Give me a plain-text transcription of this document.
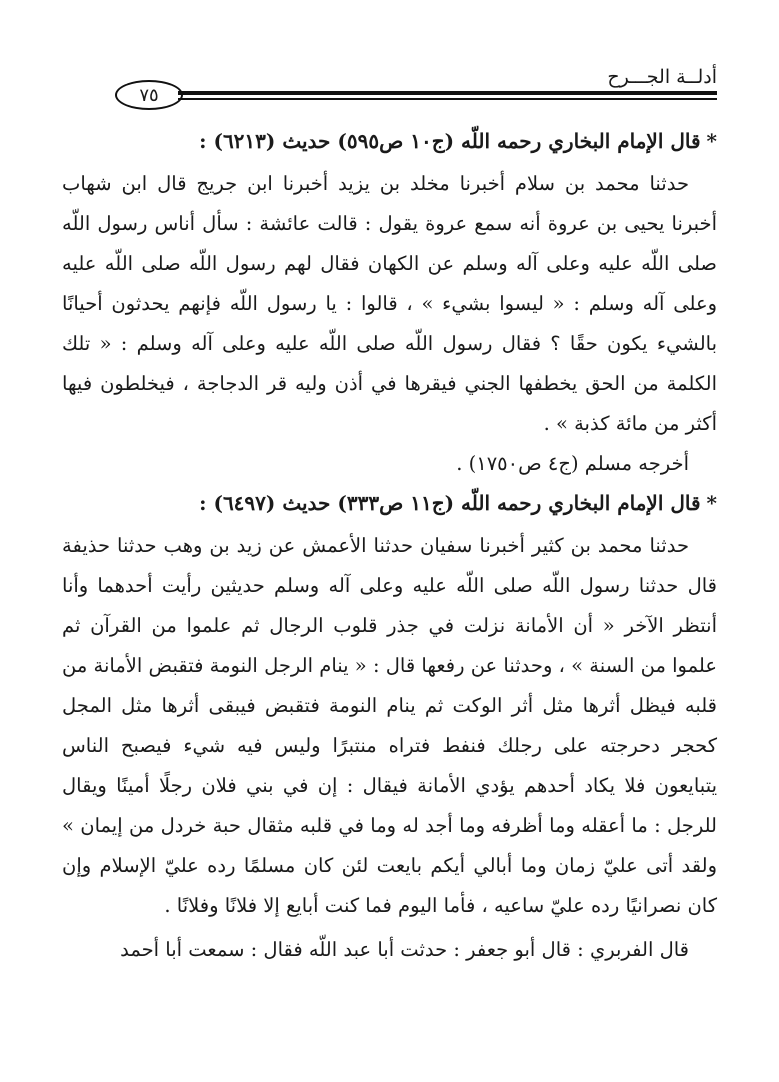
أدلــة الجـــرح
٧٥

*قال الإمام البخاري رحمه اللّه (ج١٠ ص٥٩٥) حديث (٦٢١٣) :

حدثنا محمد بن سلام أخبرنا مخلد بن يزيد أخبرنا ابن جريج قال ابن شهاب أخبرنا يحيى بن عروة أنه سمع عروة يقول : قالت عائشة : سأل أناس رسول اللّه صلى اللّه عليه وعلى آله وسلم عن الكهان فقال لهم رسول اللّه صلى اللّه عليه وعلى آله وسلم : « ليسوا بشيء » ، قالوا : يا رسول اللّه فإنهم يحدثون أحيانًا بالشيء يكون حقًا ؟ فقال رسول اللّه صلى اللّه عليه وعلى آله وسلم : « تلك الكلمة من الحق يخطفها الجني فيقرها في أذن وليه قر الدجاجة ، فيخلطون فيها أكثر من مائة كذبة » .

أخرجه مسلم (ج٤ ص١٧٥٠) .

*قال الإمام البخاري رحمه اللّه (ج١١ ص٣٣٣) حديث (٦٤٩٧) :

حدثنا محمد بن كثير أخبرنا سفيان حدثنا الأعمش عن زيد بن وهب حدثنا حذيفة قال حدثنا رسول اللّه صلى اللّه عليه وعلى آله وسلم حديثين رأيت أحدهما وأنا أنتظر الآخر « أن الأمانة نزلت في جذر قلوب الرجال ثم علموا من القرآن ثم علموا من السنة » ، وحدثنا عن رفعها قال : « ينام الرجل النومة فتقبض الأمانة من قلبه فيظل أثرها مثل أثر الوكت ثم ينام النومة فتقبض فيبقى أثرها مثل المجل كحجر دحرجته على رجلك فنفط فتراه منتبرًا وليس فيه شيء فيصبح الناس يتبايعون فلا يكاد أحدهم يؤدي الأمانة فيقال : إن في بني فلان رجلًا أمينًا ويقال للرجل : ما أعقله وما أظرفه وما أجد له وما في قلبه مثقال حبة خردل من إيمان » ولقد أتى عليّ زمان وما أبالي أيكم بايعت لئن كان مسلمًا رده عليّ الإسلام وإن كان نصرانيًا رده عليّ ساعيه ، فأما اليوم فما كنت أبايع إلا فلانًا وفلانًا .

قال الفربري : قال أبو جعفر : حدثت أبا عبد اللّه فقال : سمعت أبا أحمد
